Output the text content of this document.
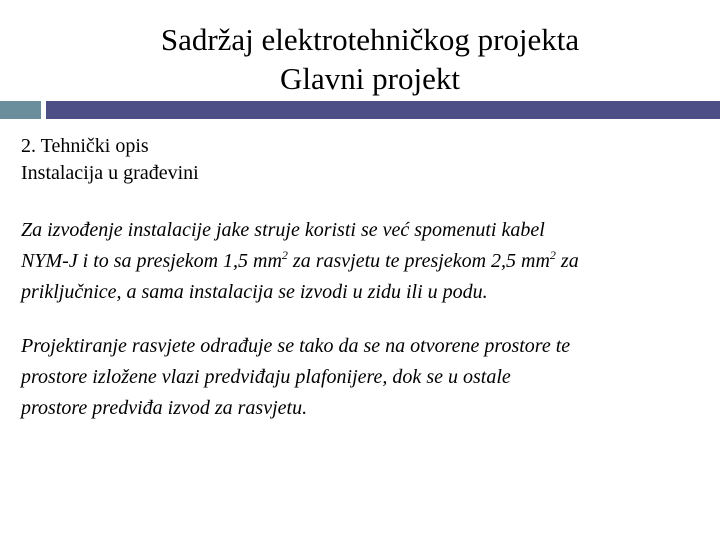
Sadržaj elektrotehničkog projekta
Glavni projekt
2. Tehnički opis
Instalacija u građevini
Za izvođenje instalacije jake struje koristi se već spomenuti kabel
NYM-J i to sa presjekom 1,5 $mm^2$ za rasvjetu te presjekom 2,5 $mm^2$ za
priključnice, a sama instalacija se izvodi u zidu ili u podu.
Projektiranje rasvjete odrađuje se tako da se na otvorene prostore te
prostore izložene vlazi predviđaju plafonijere, dok se u ostale
prostore predviđa izvod za rasvjetu.
